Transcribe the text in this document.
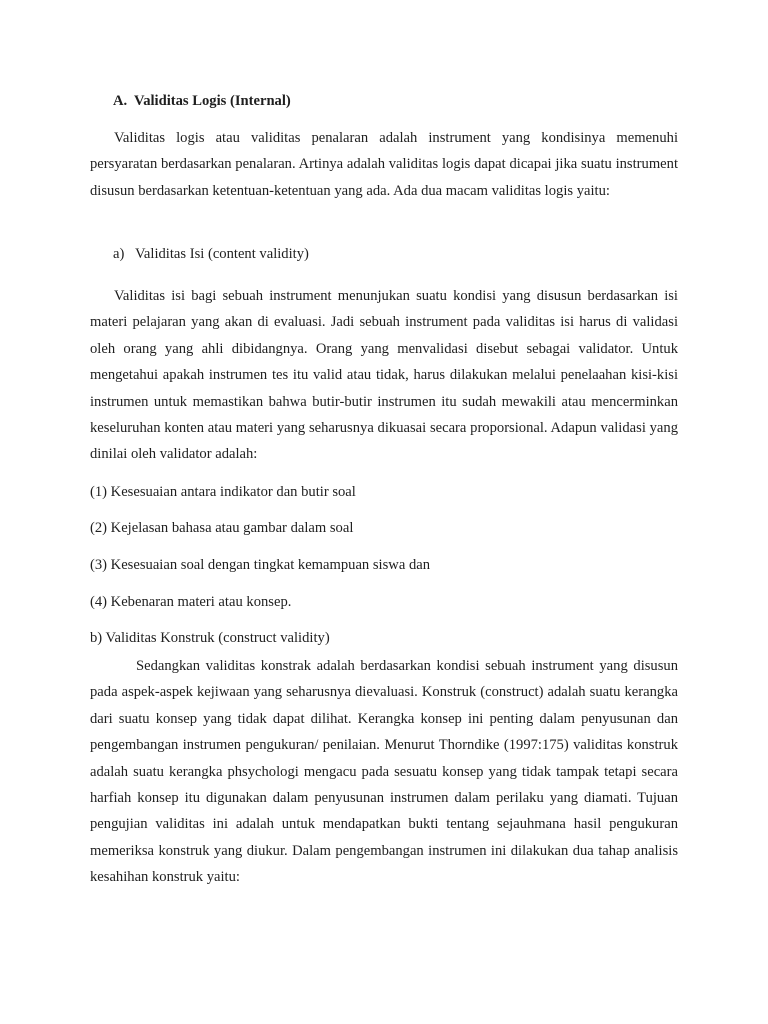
A. Validitas Logis (Internal)

Validitas logis atau validitas penalaran adalah instrument yang kondisinya memenuhi persyaratan berdasarkan penalaran. Artinya adalah validitas logis dapat dicapai jika suatu instrument disusun berdasarkan ketentuan-ketentuan yang ada. Ada dua macam validitas logis yaitu:

a) Validitas Isi (content validity)

Validitas isi bagi sebuah instrument menunjukan suatu kondisi yang disusun berdasarkan isi materi pelajaran yang akan di evaluasi. Jadi sebuah instrument pada validitas isi harus di validasi oleh orang yang ahli dibidangnya. Orang yang menvalidasi disebut sebagai validator. Untuk mengetahui apakah instrumen tes itu valid atau tidak, harus dilakukan melalui penelaahan kisi-kisi instrumen untuk memastikan bahwa butir-butir instrumen itu sudah mewakili atau mencerminkan keseluruhan konten atau materi yang seharusnya dikuasai secara proporsional. Adapun validasi yang dinilai oleh validator adalah:

(1) Kesesuaian antara indikator dan butir soal

(2) Kejelasan bahasa atau gambar dalam soal

(3) Kesesuaian soal dengan tingkat kemampuan siswa dan

(4) Kebenaran materi atau konsep.

b) Validitas Konstruk (construct validity)

Sedangkan validitas konstrak adalah berdasarkan kondisi sebuah instrument yang disusun pada aspek-aspek kejiwaan yang seharusnya dievaluasi. Konstruk (construct) adalah suatu kerangka dari suatu konsep yang tidak dapat dilihat. Kerangka konsep ini penting dalam penyusunan dan pengembangan instrumen pengukuran/ penilaian. Menurut Thorndike (1997:175) validitas konstruk adalah suatu kerangka phsychologi mengacu pada sesuatu konsep yang tidak tampak tetapi secara harfiah konsep itu digunakan dalam penyusunan instrumen dalam perilaku yang diamati. Tujuan pengujian validitas ini adalah untuk mendapatkan bukti tentang sejauhmana hasil pengukuran memeriksa konstruk yang diukur. Dalam pengembangan instrumen ini dilakukan dua tahap analisis kesahihan konstruk yaitu:
